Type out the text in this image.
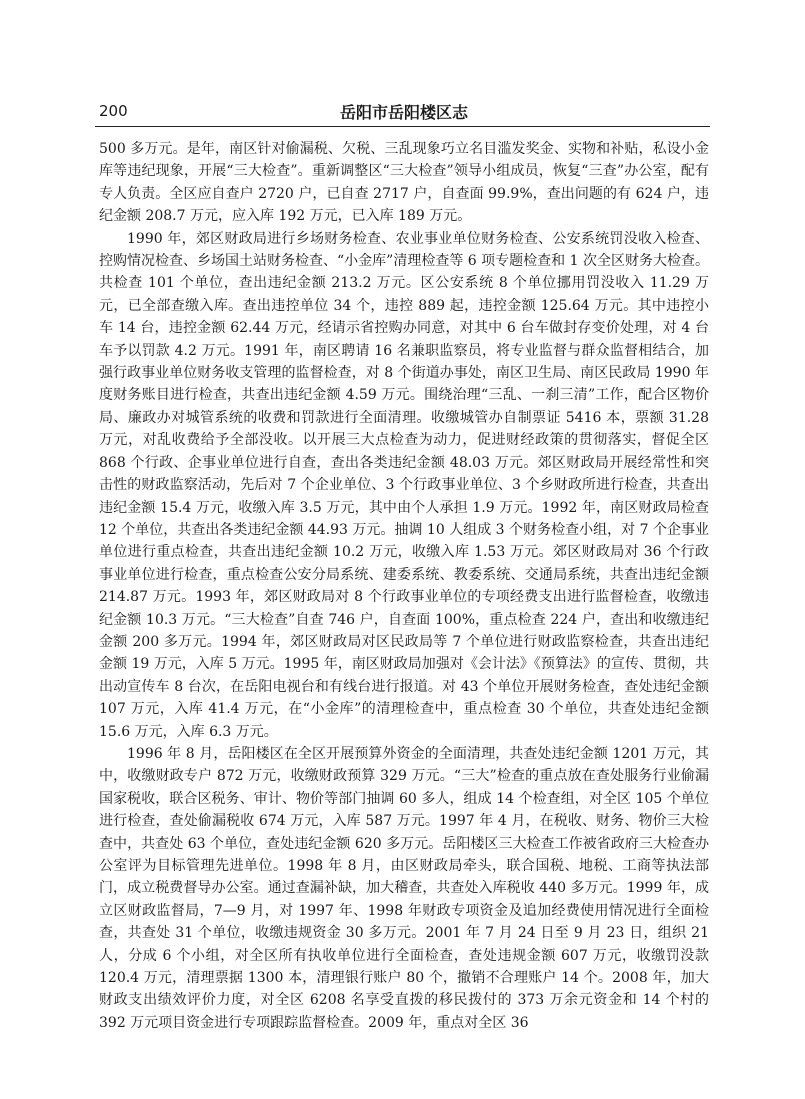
200	岳阳市岳阳楼区志

500 多万元。是年，南区针对偷漏税、欠税、三乱现象巧立名目滥发奖金、实物和补贴，私设小金库等违纪现象，开展“三大检查”。重新调整区“三大检查”领导小组成员，恢复“三查”办公室，配有专人负责。全区应自查户 2720 户，已自查 2717 户，自查面 99.9%，查出问题的有 624 户，违纪金额 208.7 万元，应入库 192 万元，已入库 189 万元。

1990 年，郊区财政局进行乡场财务检查、农业事业单位财务检查、公安系统罚没收入检查、控购情况检查、乡场国土站财务检查、“小金库”清理检查等 6 项专题检查和 1 次全区财务大检查。共检查 101 个单位，查出违纪金额 213.2 万元。区公安系统 8 个单位挪用罚没收入 11.29 万元，已全部查缴入库。查出违控单位 34 个，违控 889 起，违控金额 125.64 万元。其中违控小车 14 台，违控金额 62.44 万元，经请示省控购办同意，对其中 6 台车做封存变价处理，对 4 台车予以罚款 4.2 万元。1991 年，南区聘请 16 名兼职监察员，将专业监督与群众监督相结合，加强行政事业单位财务收支管理的监督检查，对 8 个街道办事处，南区卫生局、南区民政局 1990 年度财务账目进行检查，共查出违纪金额 4.59 万元。围绕治理“三乱、一刹三清”工作，配合区物价局、廉政办对城管系统的收费和罚款进行全面清理。收缴城管办自制票证 5416 本，票额 31.28 万元，对乱收费给予全部没收。以开展三大点检查为动力，促进财经政策的贯彻落实，督促全区 868 个行政、企事业单位进行自查，查出各类违纪金额 48.03 万元。郊区财政局开展经常性和突击性的财政监察活动，先后对 7 个企业单位、3 个行政事业单位、3 个乡财政所进行检查，共查出违纪金额 15.4 万元，收缴入库 3.5 万元，其中由个人承担 1.9 万元。1992 年，南区财政局检查 12 个单位，共查出各类违纪金额 44.93 万元。抽调 10 人组成 3 个财务检查小组，对 7 个企事业单位进行重点检查，共查出违纪金额 10.2 万元，收缴入库 1.53 万元。郊区财政局对 36 个行政事业单位进行检查，重点检查公安分局系统、建委系统、教委系统、交通局系统，共查出违纪金额 214.87 万元。1993 年，郊区财政局对 8 个行政事业单位的专项经费支出进行监督检查，收缴违纪金额 10.3 万元。“三大检查”自查 746 户，自查面 100%，重点检查 224 户，查出和收缴违纪金额 200 多万元。1994 年，郊区财政局对区民政局等 7 个单位进行财政监察检查，共查出违纪金额 19 万元，入库 5 万元。1995 年，南区财政局加强对《会计法》《预算法》的宣传、贯彻，共出动宣传车 8 台次，在岳阳电视台和有线台进行报道。对 43 个单位开展财务检查，查处违纪金额 107 万元，入库 41.4 万元，在“小金库”的清理检查中，重点检查 30 个单位，共查处违纪金额 15.6 万元，入库 6.3 万元。

1996 年 8 月，岳阳楼区在全区开展预算外资金的全面清理，共查处违纪金额 1201 万元，其中，收缴财政专户 872 万元，收缴财政预算 329 万元。“三大”检查的重点放在查处服务行业偷漏国家税收，联合区税务、审计、物价等部门抽调 60 多人，组成 14 个检查组，对全区 105 个单位进行检查，查处偷漏税收 674 万元，入库 587 万元。1997 年 4 月，在税收、财务、物价三大检查中，共查处 63 个单位，查处违纪金额 620 多万元。岳阳楼区三大检查工作被省政府三大检查办公室评为目标管理先进单位。1998 年 8 月，由区财政局牵头，联合国税、地税、工商等执法部门，成立税费督导办公室。通过查漏补缺，加大稽查，共查处入库税收 440 多万元。1999 年，成立区财政监督局，7—9 月，对 1997 年、1998 年财政专项资金及追加经费使用情况进行全面检查，共查处 31 个单位，收缴违规资金 30 多万元。2001 年 7 月 24 日至 9 月 23 日，组织 21 人，分成 6 个小组，对全区所有执收单位进行全面检查，查处违规金额 607 万元，收缴罚没款 120.4 万元，清理票据 1300 本，清理银行账户 80 个，撤销不合理账户 14 个。2008 年，加大财政支出绩效评价力度，对全区 6208 名享受直拨的移民拨付的 373 万余元资金和 14 个村的 392 万元项目资金进行专项跟踪监督检查。2009 年，重点对全区 36
